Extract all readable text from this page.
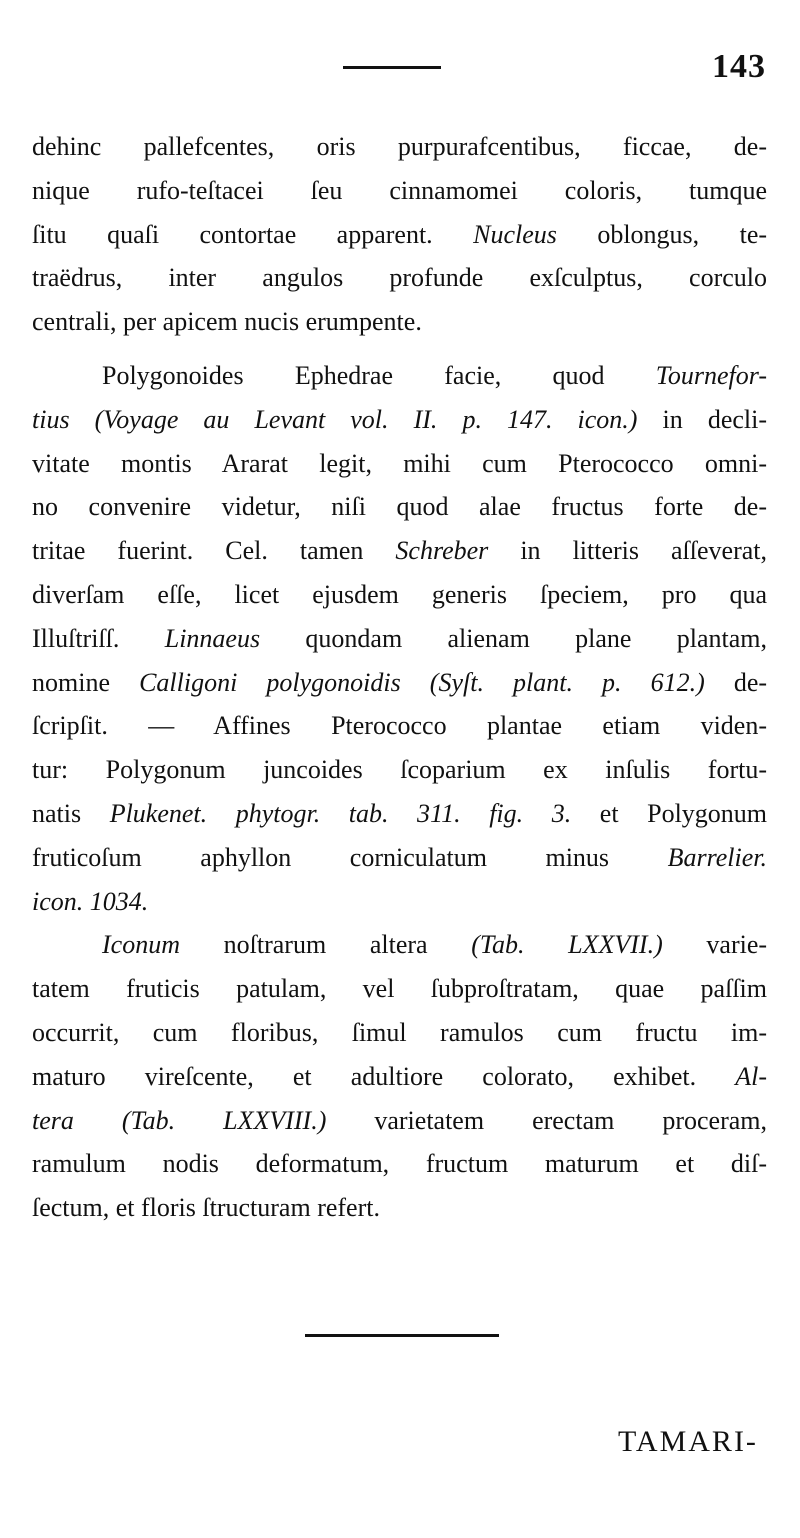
143

dehinc pallefcentes, oris purpurafcentibus, ficcae, de-
nique rufo-teſtacei ſeu cinnamomei coloris, tumque
ſitu quaſi contortae apparent. Nucleus oblongus, te-
traëdrus, inter angulos profunde exſculptus, corculo
centrali, per apicem nucis erumpente.

Polygonoides Ephedrae facie, quod Tournefor-
tius (Voyage au Levant vol. II. p. 147. icon.) in decli-
vitate montis Ararat legit, mihi cum Pterococco omni-
no convenire videtur, niſi quod alae fructus forte de-
tritae fuerint. Cel. tamen Schreber in litteris aſſeverat,
diverſam eſſe, licet ejusdem generis ſpeciem, pro qua
Illuſtriſſ. Linnaeus quondam alienam plane plantam,
nomine Calligoni polygonoidis (Syſt. plant. p. 612.) de-
ſcripſit. — Affines Pterococco plantae etiam viden-
tur: Polygonum juncoides ſcoparium ex inſulis fortu-
natis Plukenet. phytogr. tab. 311. fig. 3. et Polygonum
fruticoſum aphyllon corniculatum minus Barrelier.
icon. 1034.

Iconum noſtrarum altera (Tab. LXXVII.) varie-
tatem fruticis patulam, vel ſubproſtratam, quae paſſim
occurrit, cum floribus, ſimul ramulos cum fructu im-
maturo vireſcente, et adultiore colorato, exhibet. Al-
tera (Tab. LXXVIII.) varietatem erectam proceram,
ramulum nodis deformatum, fructum maturum et diſ-
ſectum, et floris ſtructuram refert.

TAMARI-
